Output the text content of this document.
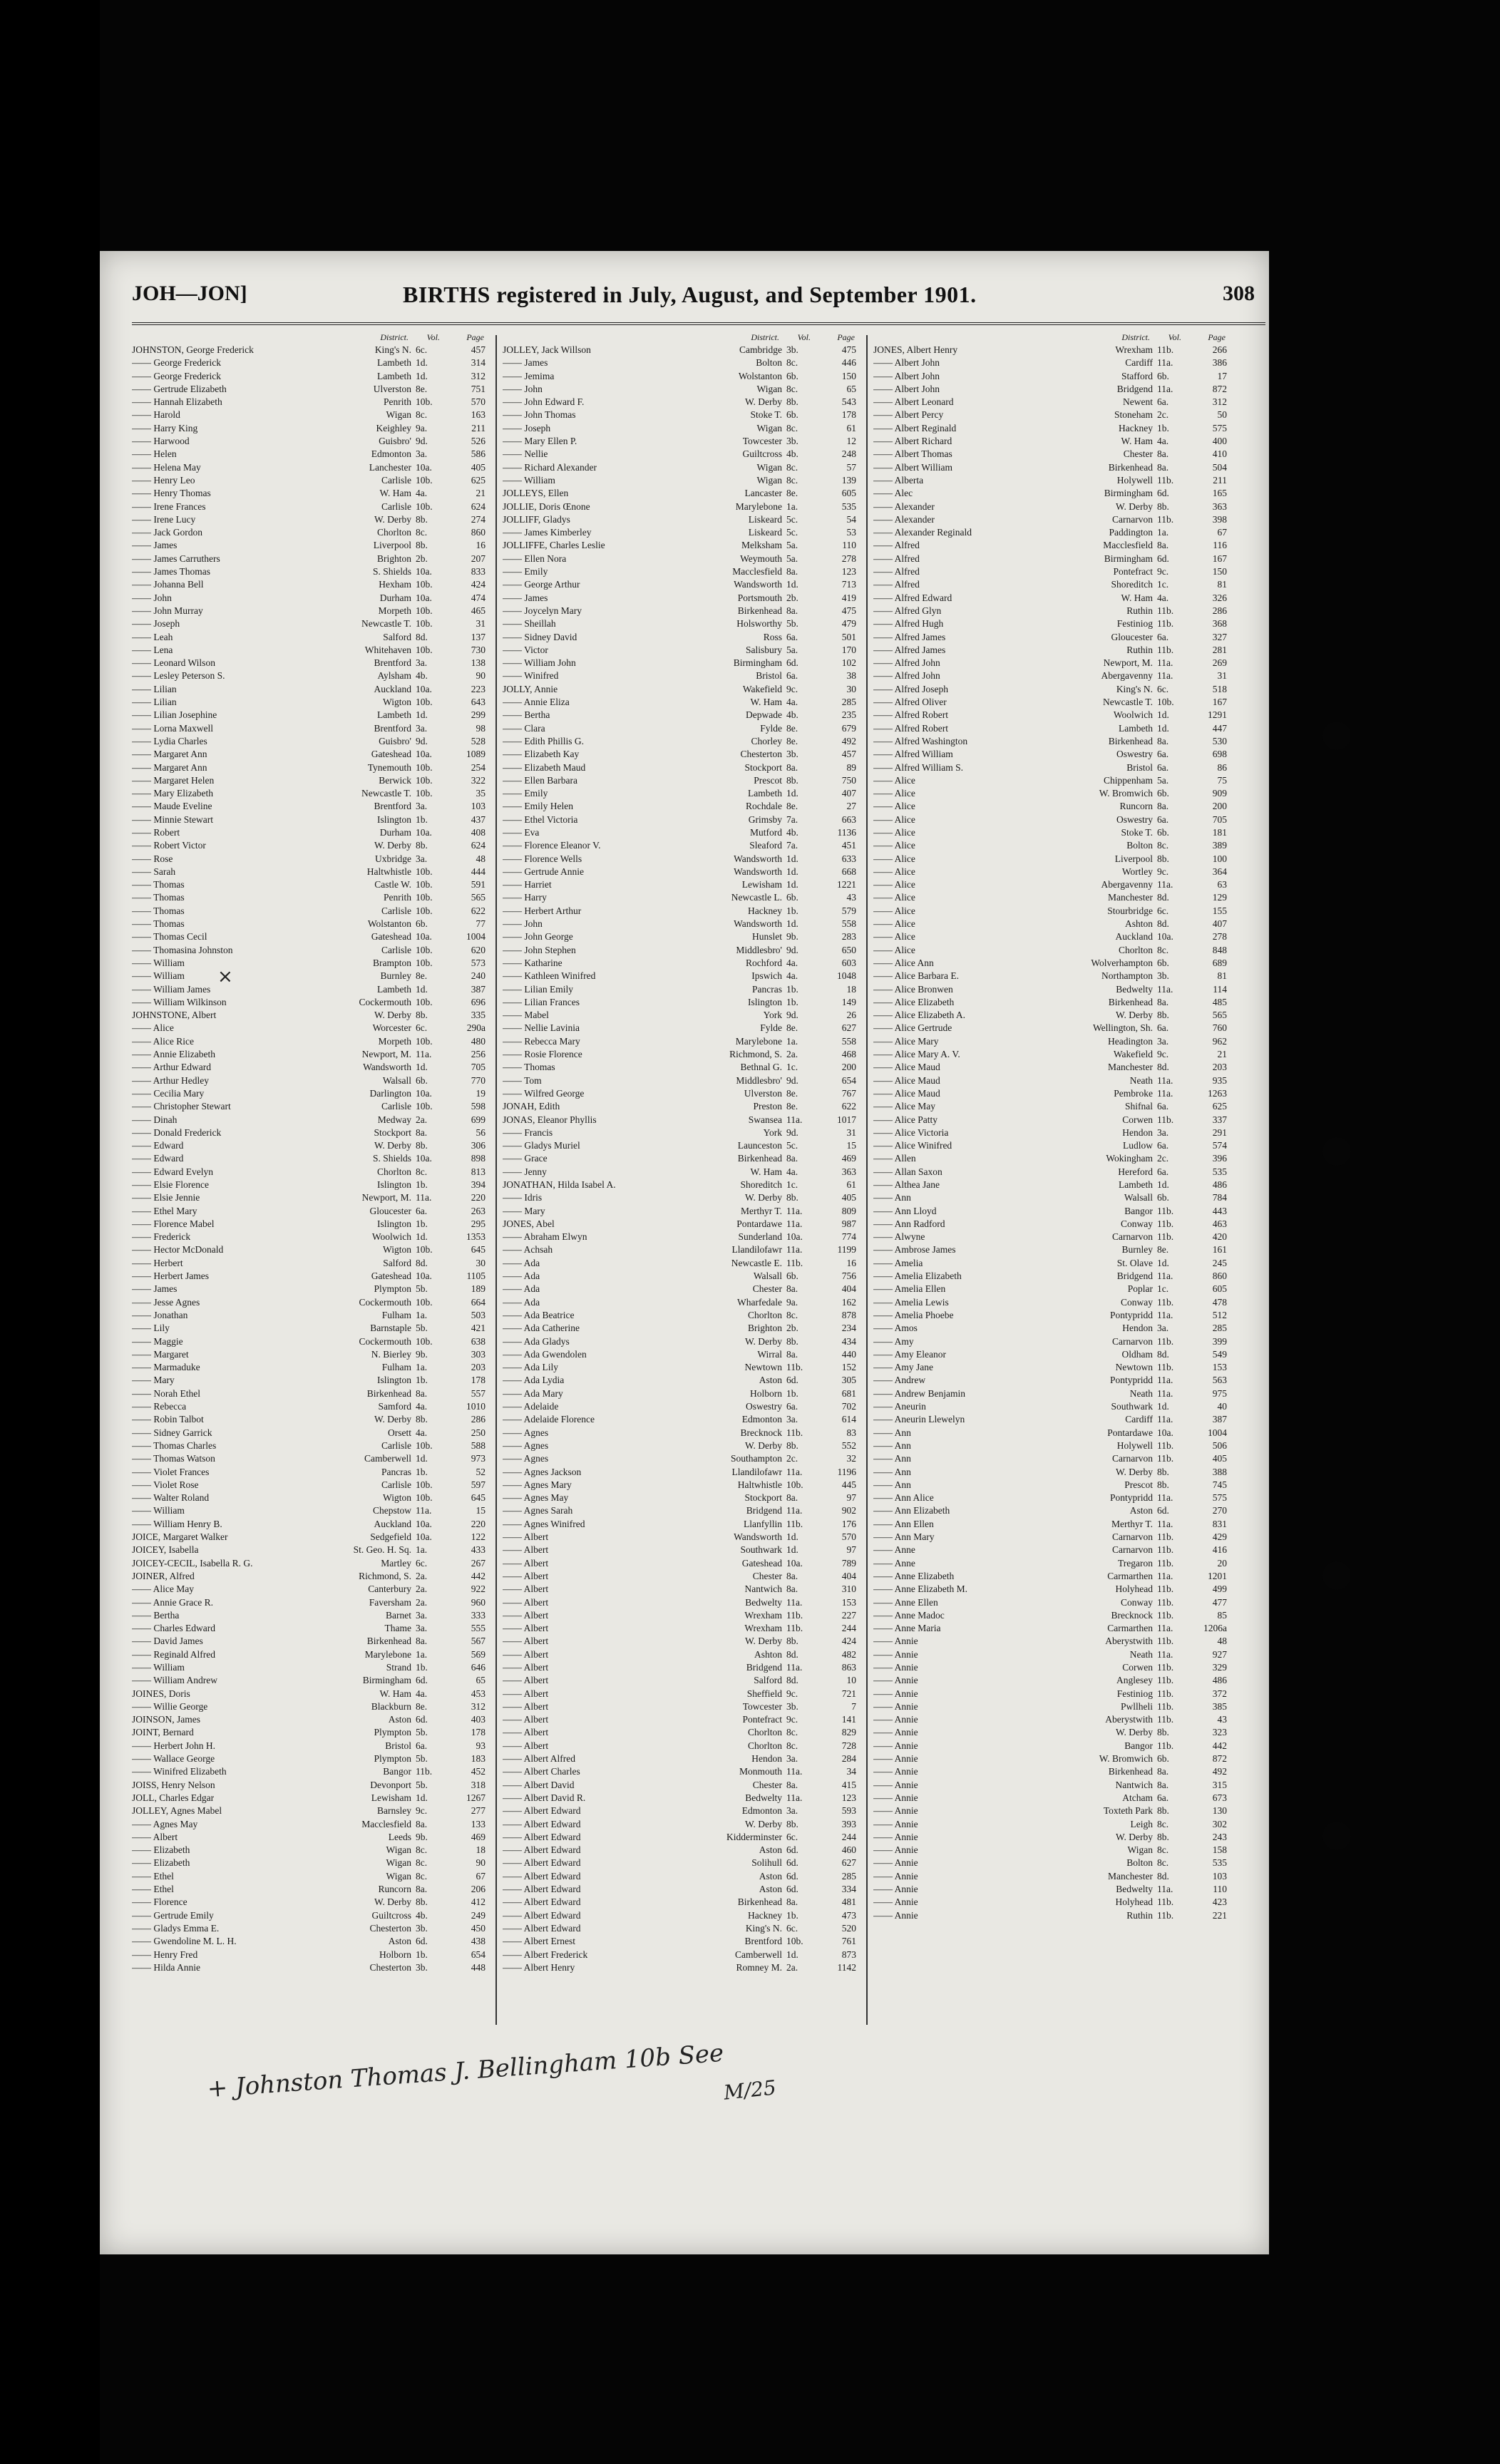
JOH—JON]	BIRTHS registered in July, August, and September 1901.	308
District. Vol.	Page
JOHNSTON, George Frederick	King's N. 6c.	457
—— George Frederick	Lambeth 1d.	314
—— George Frederick	Lambeth 1d.	312
—— Gertrude Elizabeth	Ulverston 8e.	751
—— Hannah Elizabeth	Penrith 10b.	570
—— Harold	Wigan 8c.	163
—— Harry King	Keighley 9a.	211
—— Harwood	Guisbro' 9d.	526
—— Helen	Edmonton 3a.	586
—— Helena May	Lanchester 10a.	405
—— Henry Leo	Carlisle 10b.	625
—— Henry Thomas	W. Ham 4a.	21
—— Irene Frances	Carlisle 10b.	624
—— Irene Lucy	W. Derby 8b.	274
—— Jack Gordon	Chorlton 8c.	860
—— James	Liverpool 8b.	16
—— James Carruthers	Brighton 2b.	207
—— James Thomas	S. Shields 10a.	833
—— Johanna Bell	Hexham 10b.	424
—— John	Durham 10a.	474
—— John Murray	Morpeth 10b.	465
—— Joseph	Newcastle T. 10b.	31
—— Leah	Salford 8d.	137
—— Lena	Whitehaven 10b.	730
—— Leonard Wilson	Brentford 3a.	138
—— Lesley Peterson S.	Aylsham 4b.	90
—— Lilian	Auckland 10a.	223
—— Lilian	Wigton 10b.	643
—— Lilian Josephine	Lambeth 1d.	299
—— Lorna Maxwell	Brentford 3a.	98
—— Lydia Charles	Guisbro' 9d.	528
—— Margaret Ann	Gateshead 10a.	1089
—— Margaret Ann	Tynemouth 10b.	254
—— Margaret Helen	Berwick 10b.	322
—— Mary Elizabeth	Newcastle T. 10b.	35
—— Maude Eveline	Brentford 3a.	103
—— Minnie Stewart	Islington 1b.	437
—— Robert	Durham 10a.	408
—— Robert Victor	W. Derby 8b.	624
—— Rose	Uxbridge 3a.	48
—— Sarah	Haltwhistle 10b.	444
—— Thomas	Castle W. 10b.	591
—— Thomas	Penrith 10b.	565
—— Thomas	Carlisle 10b.	622
—— Thomas	Wolstanton 6b.	77
—— Thomas Cecil	Gateshead 10a.	1004
—— Thomasina Johnston	Carlisle 10b.	620
—— William	Brampton 10b.	573
—— William	Burnley 8e.	240
—— William James	Lambeth 1d.	387
—— William Wilkinson	Cockermouth 10b.	696
JOHNSTONE, Albert	W. Derby 8b.	335
—— Alice	Worcester 6c.	290a
—— Alice Rice	Morpeth 10b.	480
—— Annie Elizabeth	Newport, M. 11a.	256
—— Arthur Edward	Wandsworth 1d.	705
—— Arthur Hedley	Walsall 6b.	770
—— Cecilia Mary	Darlington 10a.	19
—— Christopher Stewart	Carlisle 10b.	598
—— Dinah	Medway 2a.	699
—— Donald Frederick	Stockport 8a.	56
—— Edward	W. Derby 8b.	306
—— Edward	S. Shields 10a.	898
—— Edward Evelyn	Chorlton 8c.	813
—— Elsie Florence	Islington 1b.	394
—— Elsie Jennie	Newport, M. 11a.	220
—— Ethel Mary	Gloucester 6a.	263
—— Florence Mabel	Islington 1b.	295
—— Frederick	Woolwich 1d.	1353
—— Hector McDonald	Wigton 10b.	645
—— Herbert	Salford 8d.	30
—— Herbert James	Gateshead 10a.	1105
—— James	Plympton 5b.	189
—— Jesse Agnes	Cockermouth 10b.	664
—— Jonathan	Fulham 1a.	503
—— Lily	Barnstaple 5b.	421
—— Maggie	Cockermouth 10b.	638
—— Margaret	N. Bierley 9b.	303
—— Marmaduke	Fulham 1a.	203
—— Mary	Islington 1b.	178
—— Norah Ethel	Birkenhead 8a.	557
—— Rebecca	Samford 4a.	1010
—— Robin Talbot	W. Derby 8b.	286
—— Sidney Garrick	Orsett 4a.	250
—— Thomas Charles	Carlisle 10b.	588
—— Thomas Watson	Camberwell 1d.	973
—— Violet Frances	Pancras 1b.	52
—— Violet Rose	Carlisle 10b.	597
—— Walter Roland	Wigton 10b.	645
—— William	Chepstow 11a.	15
—— William Henry B.	Auckland 10a.	220
JOICE, Margaret Walker	Sedgefield 10a.	122
JOICEY, Isabella	St. Geo. H. Sq. 1a.	433
JOICEY-CECIL, Isabella R. G.	Martley 6c.	267
JOINER, Alfred	Richmond, S. 2a.	442
—— Alice May	Canterbury 2a.	922
—— Annie Grace R.	Faversham 2a.	960
—— Bertha	Barnet 3a.	333
—— Charles Edward	Thame 3a.	555
—— David James	Birkenhead 8a.	567
—— Reginald Alfred	Marylebone 1a.	569
—— William	Strand 1b.	646
—— William Andrew	Birmingham 6d.	65
JOINES, Doris	W. Ham 4a.	453
—— Willie George	Blackburn 8e.	312
JOINSON, James	Aston 6d.	403
JOINT, Bernard	Plympton 5b.	178
—— Herbert John H.	Bristol 6a.	93
—— Wallace George	Plympton 5b.	183
—— Winifred Elizabeth	Bangor 11b.	452
JOISS, Henry Nelson	Devonport 5b.	318
JOLL, Charles Edgar	Lewisham 1d.	1267
JOLLEY, Agnes Mabel	Barnsley 9c.	277
—— Agnes May	Macclesfield 8a.	133
—— Albert	Leeds 9b.	469
—— Elizabeth	Wigan 8c.	18
—— Elizabeth	Wigan 8c.	90
—— Ethel	Wigan 8c.	67
—— Ethel	Runcorn 8a.	206
—— Florence	W. Derby 8b.	412
—— Gertrude Emily	Guiltcross 4b.	249
—— Gladys Emma E.	Chesterton 3b.	450
—— Gwendoline M. L. H.	Aston 6d.	438
—— Henry Fred	Holborn 1b.	654
—— Hilda Annie	Chesterton 3b.	448
District. Vol.	Page
JOLLEY, Jack Willson	Cambridge 3b.	475
—— James	Bolton 8c.	446
—— Jemima	Wolstanton 6b.	150
—— John	Wigan 8c.	65
—— John Edward F.	W. Derby 8b.	543
—— John Thomas	Stoke T. 6b.	178
—— Joseph	Wigan 8c.	61
—— Mary Ellen P.	Towcester 3b.	12
—— Nellie	Guiltcross 4b.	248
—— Richard Alexander	Wigan 8c.	57
—— William	Wigan 8c.	139
JOLLEYS, Ellen	Lancaster 8e.	605
JOLLIE, Doris Œnone	Marylebone 1a.	535
JOLLIFF, Gladys	Liskeard 5c.	54
—— James Kimberley	Liskeard 5c.	53
JOLLIFFE, Charles Leslie	Melksham 5a.	110
—— Ellen Nora	Weymouth 5a.	278
—— Emily	Macclesfield 8a.	123
—— George Arthur	Wandsworth 1d.	713
—— James	Portsmouth 2b.	419
—— Joycelyn Mary	Birkenhead 8a.	475
—— Sheillah	Holsworthy 5b.	479
—— Sidney David	Ross 6a.	501
—— Victor	Salisbury 5a.	170
—— William John	Birmingham 6d.	102
—— Winifred	Bristol 6a.	38
JOLLY, Annie	Wakefield 9c.	30
—— Annie Eliza	W. Ham 4a.	285
—— Bertha	Depwade 4b.	235
—— Clara	Fylde 8e.	679
—— Edith Phillis G.	Chorley 8e.	492
—— Elizabeth Kay	Chesterton 3b.	457
—— Elizabeth Maud	Stockport 8a.	89
—— Ellen Barbara	Prescot 8b.	750
—— Emily	Lambeth 1d.	407
—— Emily Helen	Rochdale 8e.	27
—— Ethel Victoria	Grimsby 7a.	663
—— Eva	Mutford 4b.	1136
—— Florence Eleanor V.	Sleaford 7a.	451
—— Florence Wells	Wandsworth 1d.	633
—— Gertrude Annie	Wandsworth 1d.	668
—— Harriet	Lewisham 1d.	1221
—— Harry	Newcastle L. 6b.	43
—— Herbert Arthur	Hackney 1b.	579
—— John	Wandsworth 1d.	558
—— John George	Hunslet 9b.	283
—— John Stephen	Middlesbro' 9d.	650
—— Katharine	Rochford 4a.	603
—— Kathleen Winifred	Ipswich 4a.	1048
—— Lilian Emily	Pancras 1b.	18
—— Lilian Frances	Islington 1b.	149
—— Mabel	York 9d.	26
—— Nellie Lavinia	Fylde 8e.	627
—— Rebecca Mary	Marylebone 1a.	558
—— Rosie Florence	Richmond, S. 2a.	468
—— Thomas	Bethnal G. 1c.	200
—— Tom	Middlesbro' 9d.	654
—— Wilfred George	Ulverston 8e.	767
JONAH, Edith	Preston 8e.	622
JONAS, Eleanor Phyllis	Swansea 11a.	1017
—— Francis	York 9d.	31
—— Gladys Muriel	Launceston 5c.	15
—— Grace	Birkenhead 8a.	469
—— Jenny	W. Ham 4a.	363
JONATHAN, Hilda Isabel A.	Shoreditch 1c.	61
—— Idris	W. Derby 8b.	405
—— Mary	Merthyr T. 11a.	809
JONES, Abel	Pontardawe 11a.	987
—— Abraham Elwyn	Sunderland 10a.	774
—— Achsah	Llandilofawr 11a.	1199
—— Ada	Newcastle E. 11b.	16
—— Ada	Walsall 6b.	756
—— Ada	Chester 8a.	404
—— Ada	Wharfedale 9a.	162
—— Ada Beatrice	Chorlton 8c.	878
—— Ada Catherine	Brighton 2b.	234
—— Ada Gladys	W. Derby 8b.	434
—— Ada Gwendolen	Wirral 8a.	440
—— Ada Lily	Newtown 11b.	152
—— Ada Lydia	Aston 6d.	305
—— Ada Mary	Holborn 1b.	681
—— Adelaide	Oswestry 6a.	702
—— Adelaide Florence	Edmonton 3a.	614
—— Agnes	Brecknock 11b.	83
—— Agnes	W. Derby 8b.	552
—— Agnes	Southampton 2c.	32
—— Agnes Jackson	Llandilofawr 11a.	1196
—— Agnes Mary	Haltwhistle 10b.	445
—— Agnes May	Stockport 8a.	97
—— Agnes Sarah	Bridgend 11a.	902
—— Agnes Winifred	Llanfyllin 11b.	176
—— Albert	Wandsworth 1d.	570
—— Albert	Southwark 1d.	97
—— Albert	Gateshead 10a.	789
—— Albert	Chester 8a.	404
—— Albert	Nantwich 8a.	310
—— Albert	Bedwelty 11a.	153
—— Albert	Wrexham 11b.	227
—— Albert	Wrexham 11b.	244
—— Albert	W. Derby 8b.	424
—— Albert	Ashton 8d.	482
—— Albert	Bridgend 11a.	863
—— Albert	Salford 8d.	10
—— Albert	Sheffield 9c.	721
—— Albert	Towcester 3b.	7
—— Albert	Pontefract 9c.	141
—— Albert	Chorlton 8c.	829
—— Albert	Chorlton 8c.	728
—— Albert Alfred	Hendon 3a.	284
—— Albert Charles	Monmouth 11a.	34
—— Albert David	Chester 8a.	415
—— Albert David R.	Bedwelty 11a.	123
—— Albert Edward	Edmonton 3a.	593
—— Albert Edward	W. Derby 8b.	393
—— Albert Edward	Kidderminster 6c.	244
—— Albert Edward	Aston 6d.	460
—— Albert Edward	Solihull 6d.	627
—— Albert Edward	Aston 6d.	285
—— Albert Edward	Aston 6d.	334
—— Albert Edward	Birkenhead 8a.	481
—— Albert Edward	Hackney 1b.	473
—— Albert Edward	King's N. 6c.	520
—— Albert Ernest	Brentford 10b.	761
—— Albert Frederick	Camberwell 1d.	873
—— Albert Henry	Romney M. 2a.	1142
District. Vol.	Page
JONES, Albert Henry	Wrexham 11b.	266
—— Albert John	Cardiff 11a.	386
—— Albert John	Stafford 6b.	17
—— Albert John	Bridgend 11a.	872
—— Albert Leonard	Newent 6a.	312
—— Albert Percy	Stoneham 2c.	50
—— Albert Reginald	Hackney 1b.	575
—— Albert Richard	W. Ham 4a.	400
—— Albert Thomas	Chester 8a.	410
—— Albert William	Birkenhead 8a.	504
—— Alberta	Holywell 11b.	211
—— Alec	Birmingham 6d.	165
—— Alexander	W. Derby 8b.	363
—— Alexander	Carnarvon 11b.	398
—— Alexander Reginald	Paddington 1a.	67
—— Alfred	Macclesfield 8a.	116
—— Alfred	Birmingham 6d.	167
—— Alfred	Pontefract 9c.	150
—— Alfred	Shoreditch 1c.	81
—— Alfred Edward	W. Ham 4a.	326
—— Alfred Glyn	Ruthin 11b.	286
—— Alfred Hugh	Festiniog 11b.	368
—— Alfred James	Gloucester 6a.	327
—— Alfred James	Ruthin 11b.	281
—— Alfred John	Newport, M. 11a.	269
—— Alfred John	Abergavenny 11a.	31
—— Alfred Joseph	King's N. 6c.	518
—— Alfred Oliver	Newcastle T. 10b.	167
—— Alfred Robert	Woolwich 1d.	1291
—— Alfred Robert	Lambeth 1d.	447
—— Alfred Washington	Birkenhead 8a.	530
—— Alfred William	Oswestry 6a.	698
—— Alfred William S.	Bristol 6a.	86
—— Alice	Chippenham 5a.	75
—— Alice	W. Bromwich 6b.	909
—— Alice	Runcorn 8a.	200
—— Alice	Oswestry 6a.	705
—— Alice	Stoke T. 6b.	181
—— Alice	Bolton 8c.	389
—— Alice	Liverpool 8b.	100
—— Alice	Wortley 9c.	364
—— Alice	Abergavenny 11a.	63
—— Alice	Manchester 8d.	129
—— Alice	Stourbridge 6c.	155
—— Alice	Ashton 8d.	407
—— Alice	Auckland 10a.	278
—— Alice	Chorlton 8c.	848
—— Alice Ann	Wolverhampton 6b.	689
—— Alice Barbara E.	Northampton 3b.	81
—— Alice Bronwen	Bedwelty 11a.	114
—— Alice Elizabeth	Birkenhead 8a.	485
—— Alice Elizabeth A.	W. Derby 8b.	565
—— Alice Gertrude	Wellington, Sh. 6a.	760
—— Alice Mary	Headington 3a.	962
—— Alice Mary A. V.	Wakefield 9c.	21
—— Alice Maud	Manchester 8d.	203
—— Alice Maud	Neath 11a.	935
—— Alice Maud	Pembroke 11a.	1263
—— Alice May	Shifnal 6a.	625
—— Alice Patty	Corwen 11b.	337
—— Alice Victoria	Hendon 3a.	291
—— Alice Winifred	Ludlow 6a.	574
—— Allen	Wokingham 2c.	396
—— Allan Saxon	Hereford 6a.	535
—— Althea Jane	Lambeth 1d.	486
—— Ann	Walsall 6b.	784
—— Ann Lloyd	Bangor 11b.	443
—— Ann Radford	Conway 11b.	463
—— Alwyne	Carnarvon 11b.	420
—— Ambrose James	Burnley 8e.	161
—— Amelia	St. Olave 1d.	245
—— Amelia Elizabeth	Bridgend 11a.	860
—— Amelia Ellen	Poplar 1c.	605
—— Amelia Lewis	Conway 11b.	478
—— Amelia Phoebe	Pontypridd 11a.	512
—— Amos	Hendon 3a.	285
—— Amy	Carnarvon 11b.	399
—— Amy Eleanor	Oldham 8d.	549
—— Amy Jane	Newtown 11b.	153
—— Andrew	Pontypridd 11a.	563
—— Andrew Benjamin	Neath 11a.	975
—— Aneurin	Southwark 1d.	40
—— Aneurin Llewelyn	Cardiff 11a.	387
—— Ann	Pontardawe 10a.	1004
—— Ann	Holywell 11b.	506
—— Ann	Carnarvon 11b.	405
—— Ann	W. Derby 8b.	388
—— Ann	Prescot 8b.	745
—— Ann Alice	Pontypridd 11a.	575
—— Ann Elizabeth	Aston 6d.	270
—— Ann Ellen	Merthyr T. 11a.	831
—— Ann Mary	Carnarvon 11b.	429
—— Anne	Carnarvon 11b.	416
—— Anne	Tregaron 11b.	20
—— Anne Elizabeth	Carmarthen 11a.	1201
—— Anne Elizabeth M.	Holyhead 11b.	499
—— Anne Ellen	Conway 11b.	477
—— Anne Madoc	Brecknock 11b.	85
—— Anne Maria	Carmarthen 11a.	1206a
—— Annie	Aberystwith 11b.	48
—— Annie	Neath 11a.	927
—— Annie	Corwen 11b.	329
—— Annie	Anglesey 11b.	486
—— Annie	Festiniog 11b.	372
—— Annie	Pwllheli 11b.	385
—— Annie	Aberystwith 11b.	43
—— Annie	W. Derby 8b.	323
—— Annie	Bangor 11b.	442
—— Annie	W. Bromwich 6b.	872
—— Annie	Birkenhead 8a.	492
—— Annie	Nantwich 8a.	315
—— Annie	Atcham 6a.	673
—— Annie	Toxteth Park 8b.	130
—— Annie	Leigh 8c.	302
—— Annie	W. Derby 8b.	243
—— Annie	Wigan 8c.	158
—— Annie	Bolton 8c.	535
—— Annie	Manchester 8d.	103
—— Annie	Bedwelty 11a.	110
—— Annie	Holyhead 11b.	423
—— Annie	Ruthin 11b.	221
×
+ Johnston Thomas J. Bellingham 10b See
M/25
